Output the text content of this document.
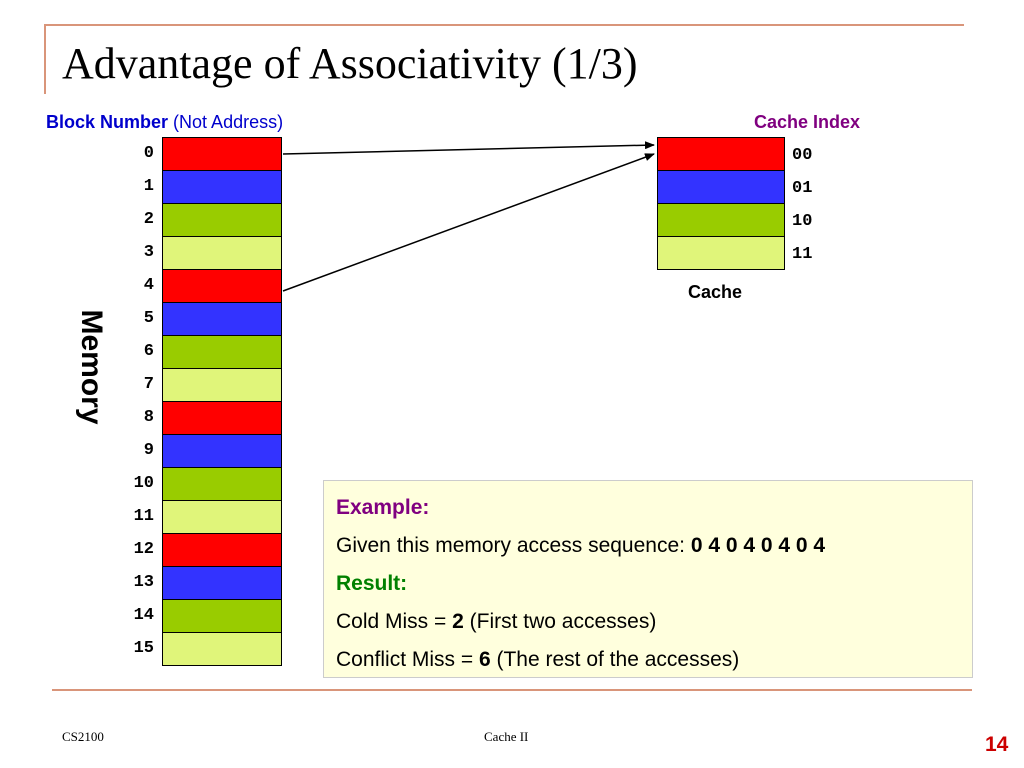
Advantage of Associativity (1/3)
Block Number (Not Address)	Cache Index
Memory
0
1
2
3
4
5
6
7
8
9
10
11
12
13
14
15
00
01
10
11
Cache
Example:
Given this memory access sequence: 0 4 0 4 0 4 0 4
Result:
Cold Miss = 2 (First two accesses)
Conflict Miss = 6 (The rest of the accesses)
CS2100	Cache II	14
